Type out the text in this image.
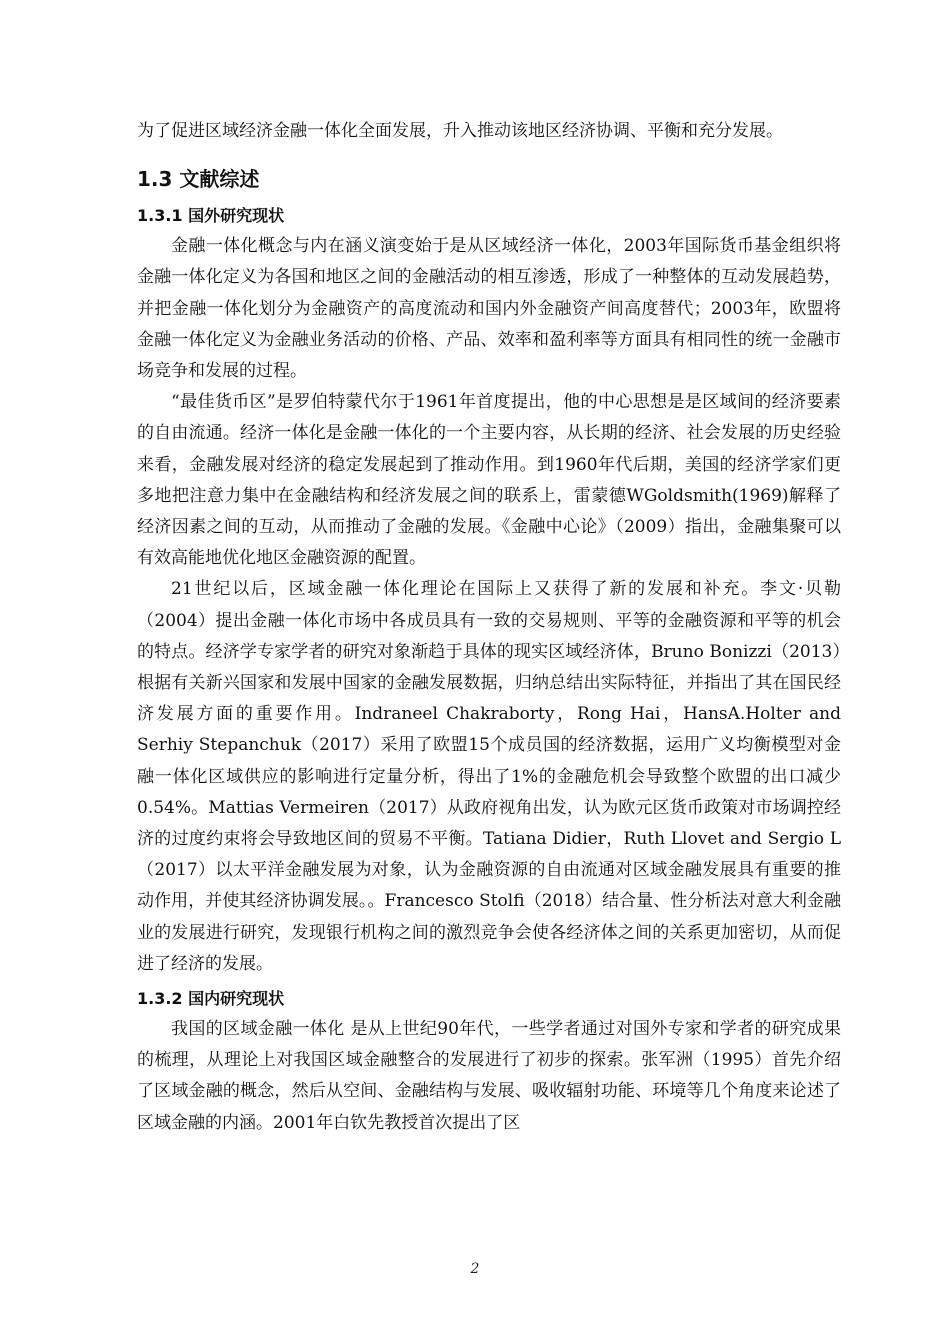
为了促进区域经济金融一体化全面发展，升入推动该地区经济协调、平衡和充分发展。

1.3 文献综述
1.3.1 国外研究现状

金融一体化概念与内在涵义演变始于是从区域经济一体化，2003年国际货币基金组织将金融一体化定义为各国和地区之间的金融活动的相互渗透，形成了一种整体的互动发展趋势，并把金融一体化划分为金融资产的高度流动和国内外金融资产间高度替代；2003年，欧盟将金融一体化定义为金融业务活动的价格、产品、效率和盈利率等方面具有相同性的统一金融市场竞争和发展的过程。

“最佳货币区”是罗伯特蒙代尔于1961年首度提出，他的中心思想是是区域间的经济要素的自由流通。经济一体化是金融一体化的一个主要内容，从长期的经济、社会发展的历史经验来看，金融发展对经济的稳定发展起到了推动作用。到1960年代后期，美国的经济学家们更多地把注意力集中在金融结构和经济发展之间的联系上，雷蒙德WGoldsmith(1969)解释了经济因素之间的互动，从而推动了金融的发展。《金融中心论》（2009）指出，金融集聚可以有效高能地优化地区金融资源的配置。

21世纪以后，区域金融一体化理论在国际上又获得了新的发展和补充。李文·贝勒（2004）提出金融一体化市场中各成员具有一致的交易规则、平等的金融资源和平等的机会的特点。经济学专家学者的研究对象渐趋于具体的现实区域经济体，Bruno Bonizzi（2013）根据有关新兴国家和发展中国家的金融发展数据，归纳总结出实际特征，并指出了其在国民经济发展方面的重要作用。Indraneel Chakraborty，Rong Hai，HansA.Holter and Serhiy Stepanchuk（2017）采用了欧盟15个成员国的经济数据，运用广义均衡模型对金融一体化区域供应的影响进行定量分析，得出了1%的金融危机会导致整个欧盟的出口减少0.54%。Mattias Vermeiren（2017）从政府视角出发，认为欧元区货币政策对市场调控经济的过度约束将会导致地区间的贸易不平衡。Tatiana Didier，Ruth Llovet and Sergio L（2017）以太平洋金融发展为对象，认为金融资源的自由流通对区域金融发展具有重要的推动作用，并使其经济协调发展。。Francesco Stolfi（2018）结合量、性分析法对意大利金融业的发展进行研究，发现银行机构之间的激烈竞争会使各经济体之间的关系更加密切，从而促进了经济的发展。

1.3.2 国内研究现状

我国的区域金融一体化 是从上世纪90年代，一些学者通过对国外专家和学者的研究成果的梳理，从理论上对我国区域金融整合的发展进行了初步的探索。张军洲（1995）首先介绍了区域金融的概念，然后从空间、金融结构与发展、吸收辐射功能、环境等几个角度来论述了区域金融的内涵。2001年白钦先教授首次提出了区

2
